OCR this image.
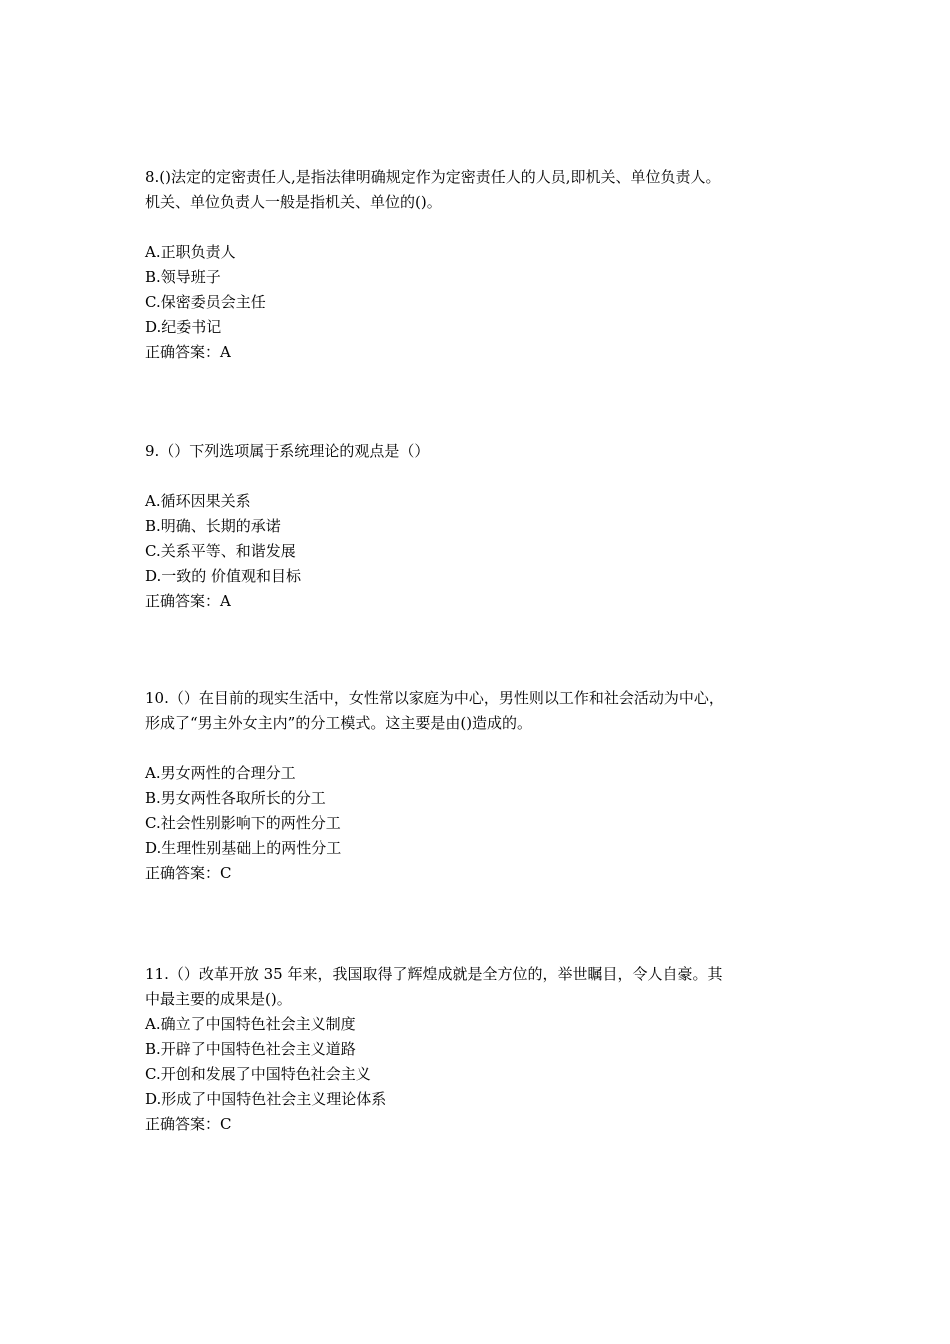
8.()法定的定密责任人,是指法律明确规定作为定密责任人的人员,即机关、单位负责人。
机关、单位负责人一般是指机关、单位的()。
A.正职负责人
B.领导班子
C.保密委员会主任
D.纪委书记
正确答案：A
9.（）下列选项属于系统理论的观点是（）
A.循环因果关系
B.明确、长期的承诺
C.关系平等、和谐发展
D.一致的 价值观和目标
正确答案：A
10.（）在目前的现实生活中，女性常以家庭为中心，男性则以工作和社会活动为中心，
形成了“男主外女主内”的分工模式。这主要是由()造成的。
A.男女两性的合理分工
B.男女两性各取所长的分工
C.社会性别影响下的两性分工
D.生理性别基础上的两性分工
正确答案：C
11.（）改革开放 35 年来，我国取得了辉煌成就是全方位的，举世瞩目，令人自豪。其
中最主要的成果是()。
A.确立了中国特色社会主义制度
B.开辟了中国特色社会主义道路
C.开创和发展了中国特色社会主义
D.形成了中国特色社会主义理论体系
正确答案：C
